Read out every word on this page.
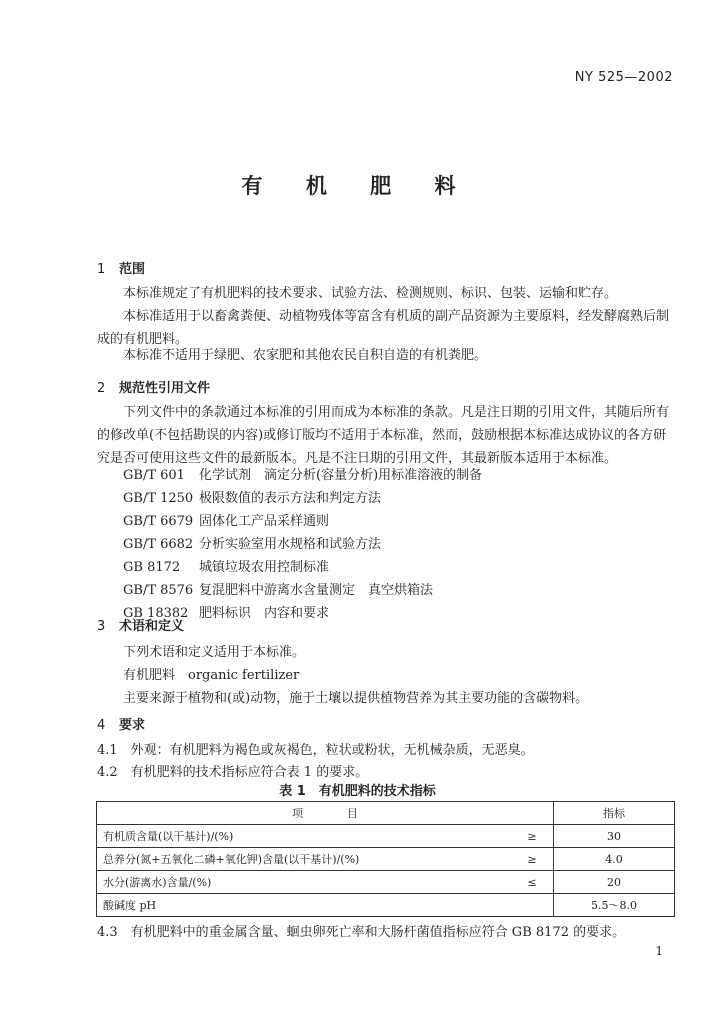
NY 525—2002
有 机 肥 料
1 范围
本标准规定了有机肥料的技术要求、试验方法、检测规则、标识、包装、运输和贮存。
本标准适用于以畜禽粪便、动植物残体等富含有机质的副产品资源为主要原料，经发酵腐熟后制成的有机肥料。
本标准不适用于绿肥、农家肥和其他农民自积自造的有机粪肥。
2 规范性引用文件
下列文件中的条款通过本标准的引用而成为本标准的条款。凡是注日期的引用文件，其随后所有的修改单(不包括勘误的内容)或修订版均不适用于本标准，然而，鼓励根据本标准达成协议的各方研究是否可使用这些文件的最新版本。凡是不注日期的引用文件，其最新版本适用于本标准。
GB/T 601 化学试剂　滴定分析(容量分析)用标准溶液的制备
GB/T 1250 极限数值的表示方法和判定方法
GB/T 6679 固体化工产品采样通则
GB/T 6682 分析实验室用水规格和试验方法
GB 8172 城镇垃圾农用控制标准
GB/T 8576 复混肥料中游离水含量测定　真空烘箱法
GB 18382 肥料标识　内容和要求
3 术语和定义
下列术语和定义适用于本标准。
有机肥料　organic fertilizer
主要来源于植物和(或)动物，施于土壤以提供植物营养为其主要功能的含碳物料。
4 要求
4.1　外观：有机肥料为褐色或灰褐色，粒状或粉状，无机械杂质，无恶臭。
4.2　有机肥料的技术指标应符合表 1 的要求。
表 1　有机肥料的技术指标
项　　　　目		指标
有机质含量(以干基计)/(%)	≥	30
总养分(氮+五氧化二磷+氧化钾)含量(以干基计)/(%)	≥	4.0
水分(游离水)含量/(%)	≤	20
酸碱度 pH		5.5～8.0
4.3　有机肥料中的重金属含量、蛔虫卵死亡率和大肠杆菌值指标应符合 GB 8172 的要求。
1
